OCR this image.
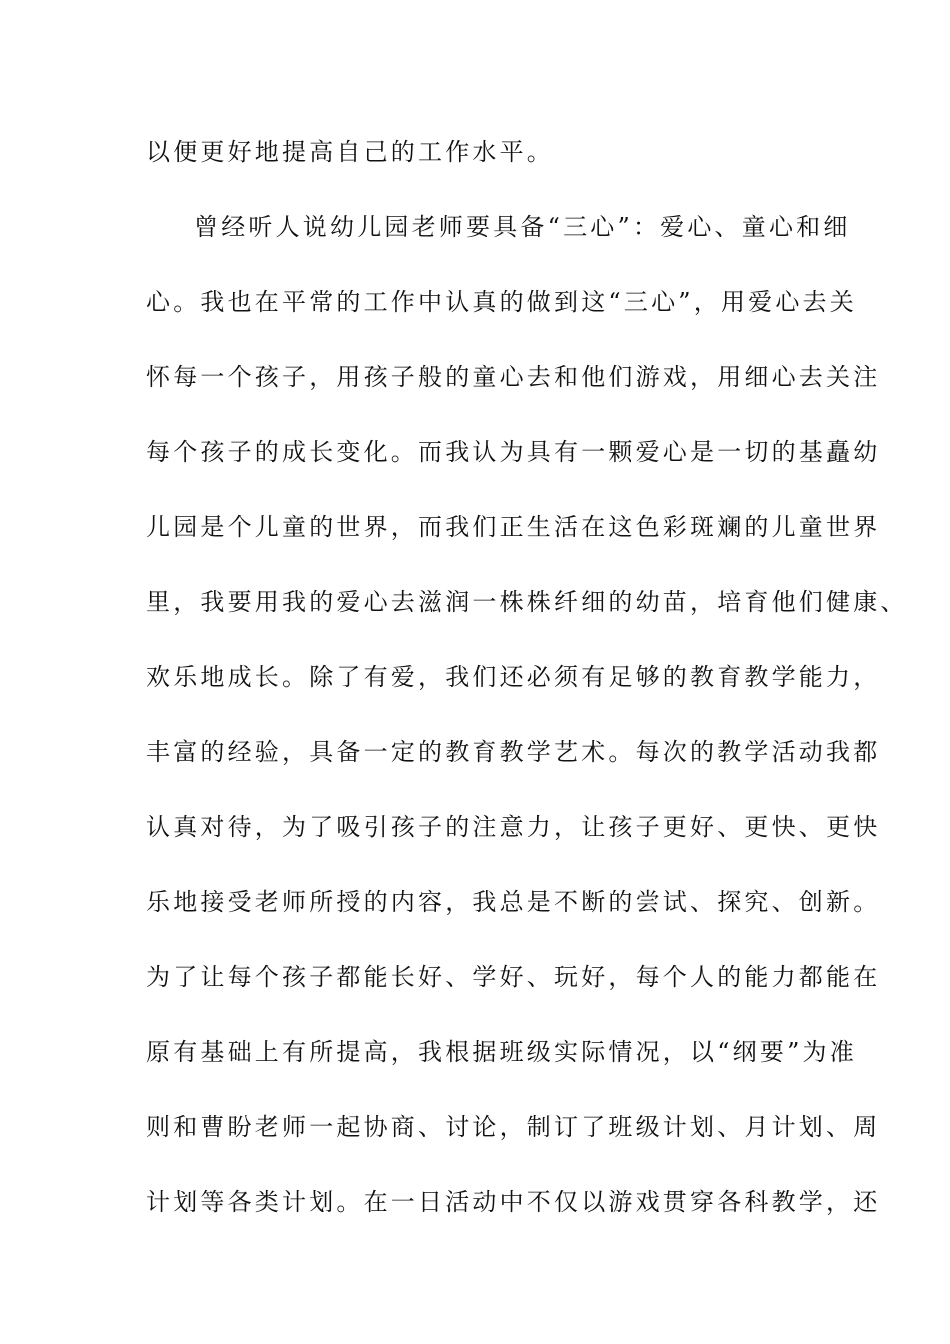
以便更好地提高自己的工作水平。
曾经听人说幼儿园老师要具备“三心”：爱心、童心和细
心。我也在平常的工作中认真的做到这“三心”，用爱心去关
怀每一个孩子，用孩子般的童心去和他们游戏，用细心去关注
每个孩子的成长变化。而我认为具有一颗爱心是一切的基矗幼
儿园是个儿童的世界，而我们正生活在这色彩斑斓的儿童世界
里，我要用我的爱心去滋润一株株纤细的幼苗，培育他们健康、
欢乐地成长。除了有爱，我们还必须有足够的教育教学能力，
丰富的经验，具备一定的教育教学艺术。每次的教学活动我都
认真对待，为了吸引孩子的注意力，让孩子更好、更快、更快
乐地接受老师所授的内容，我总是不断的尝试、探究、创新。
为了让每个孩子都能长好、学好、玩好，每个人的能力都能在
原有基础上有所提高，我根据班级实际情况，以“纲要”为准
则和曹盼老师一起协商、讨论，制订了班级计划、月计划、周
计划等各类计划。在一日活动中不仅以游戏贯穿各科教学，还
